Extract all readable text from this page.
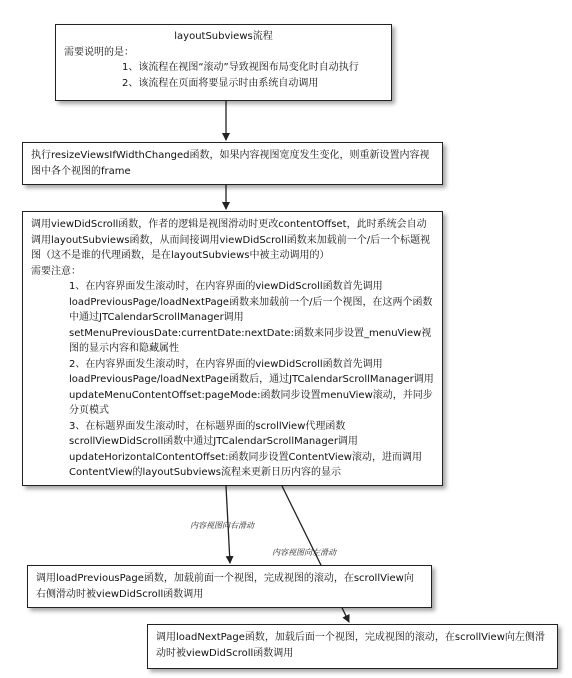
layoutSubviews流程
需要说明的是：
1、该流程在视图“滚动”导致视图布局变化时自动执行
2、该流程在页面将要显示时由系统自动调用
执行resizeViewsIfWidthChanged函数，如果内容视图宽度发生变化，则重新设置内容视图中各个视图的frame
调用viewDidScroll函数，作者的逻辑是视图滑动时更改contentOffset，此时系统会自动调用layoutSubviews函数，从而间接调用viewDidScroll函数来加载前一个/后一个标题视图（这不是谁的代理函数，是在layoutSubviews中被主动调用的）
需要注意：
1、在内容界面发生滚动时，在内容界面的viewDidScroll函数首先调用loadPreviousPage/loadNextPage函数来加载前一个/后一个视图，在这两个函数中通过JTCalendarScrollManager调用setMenuPreviousDate:currentDate:nextDate:函数来同步设置_menuView视图的显示内容和隐藏属性
2、在内容界面发生滚动时，在内容界面的viewDidScroll函数首先调用loadPreviousPage/loadNextPage函数后，通过JTCalendarScrollManager调用updateMenuContentOffset:pageMode:函数同步设置menuView滚动，并同步分页模式
3、在标题界面发生滚动时，在标题界面的scrollView代理函数scrollViewDidScroll函数中通过JTCalendarScrollManager调用updateHorizontalContentOffset:函数同步设置ContentView滚动，进而调用ContentView的layoutSubviews流程来更新日历内容的显示
内容视图向右滑动
内容视图向左滑动
调用loadPreviousPage函数，加载前面一个视图，完成视图的滚动，在scrollView向右侧滑动时被viewDidScroll函数调用
调用loadNextPage函数，加载后面一个视图，完成视图的滚动，在scrollView向左侧滑动时被viewDidScroll函数调用
